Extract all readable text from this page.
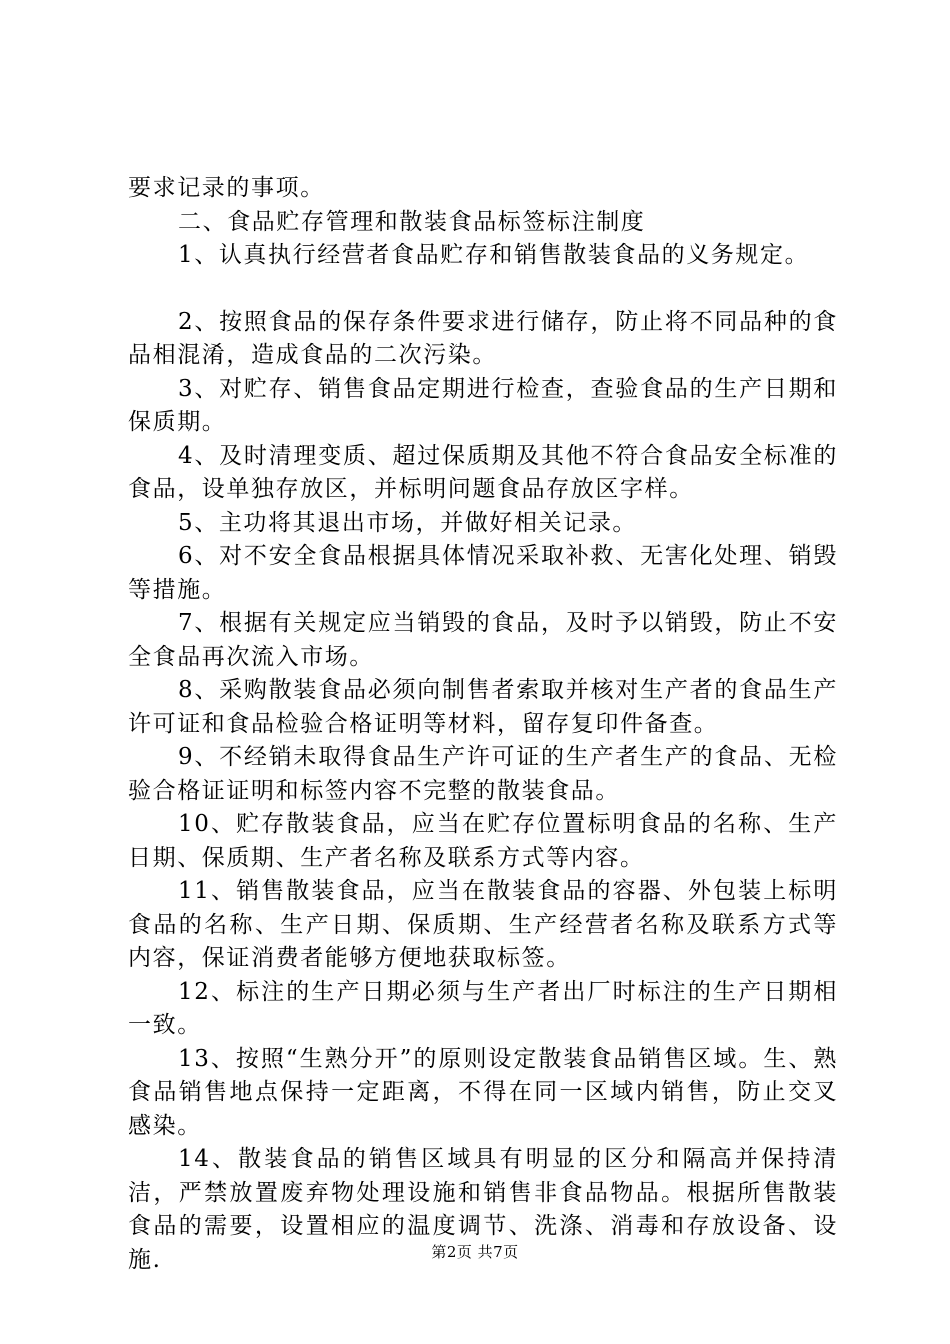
要求记录的事项。

二、食品贮存管理和散装食品标签标注制度

1、认真执行经营者食品贮存和销售散装食品的义务规定。

2、按照食品的保存条件要求进行储存，防止将不同品种的食品相混淆，造成食品的二次污染。

3、对贮存、销售食品定期进行检查，查验食品的生产日期和保质期。

4、及时清理变质、超过保质期及其他不符合食品安全标准的食品，设单独存放区，并标明问题食品存放区字样。

5、主功将其退出市场，并做好相关记录。

6、对不安全食品根据具体情况采取补救、无害化处理、销毁等措施。

7、根据有关规定应当销毁的食品，及时予以销毁，防止不安全食品再次流入市场。

8、采购散装食品必须向制售者索取并核对生产者的食品生产许可证和食品检验合格证明等材料，留存复印件备查。

9、不经销未取得食品生产许可证的生产者生产的食品、无检验合格证证明和标签内容不完整的散装食品。

10、贮存散装食品，应当在贮存位置标明食品的名称、生产日期、保质期、生产者名称及联系方式等内容。

11、销售散装食品，应当在散装食品的容器、外包装上标明食品的名称、生产日期、保质期、生产经营者名称及联系方式等内容，保证消费者能够方便地获取标签。

12、标注的生产日期必须与生产者出厂时标注的生产日期相一致。

13、按照“生熟分开”的原则设定散装食品销售区域。生、熟食品销售地点保持一定距离，不得在同一区域内销售，防止交叉感染。

14、散装食品的销售区域具有明显的区分和隔高并保持清洁，严禁放置废弃物处理设施和销售非食品物品。根据所售散装食品的需要，设置相应的温度调节、洗涤、消毒和存放设备、设施.	第2页 共7页
